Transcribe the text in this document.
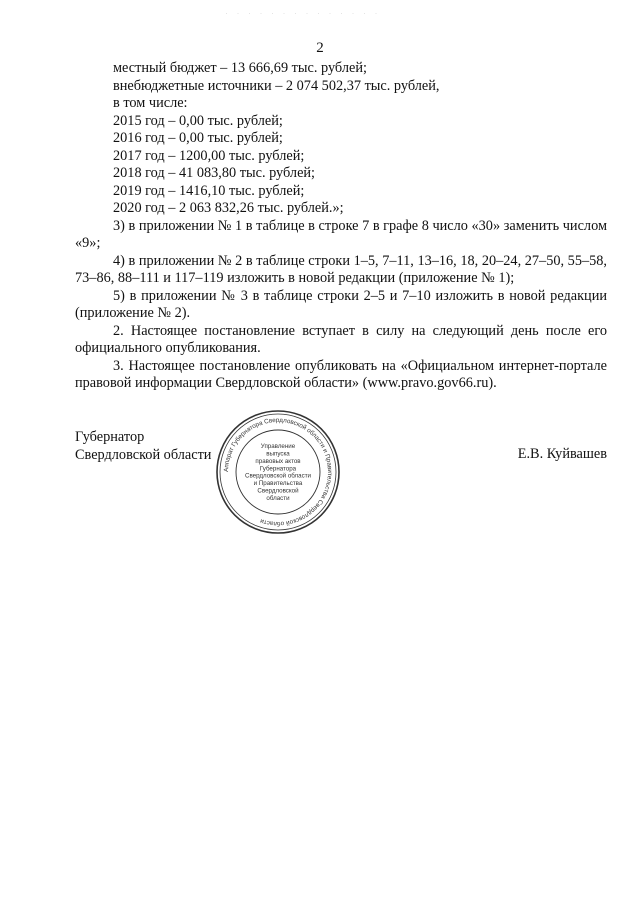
· · · · · · · · · · · · · ·
2

местный бюджет – 13 666,69 тыс. рублей;

внебюджетные источники – 2 074 502,37 тыс. рублей,

в том числе:

2015 год – 0,00 тыс. рублей;

2016 год – 0,00 тыс. рублей;

2017 год – 1200,00 тыс. рублей;

2018 год – 41 083,80 тыс. рублей;

2019 год – 1416,10 тыс. рублей;

2020 год – 2 063 832,26 тыс. рублей.»;

3) в приложении № 1 в таблице в строке 7 в графе 8 число «30» заменить числом «9»;

4) в приложении № 2 в таблице строки 1–5, 7–11, 13–16, 18, 20–24, 27–50, 55–58, 73–86, 88–111 и 117–119 изложить в новой редакции (приложение № 1);

5) в приложении № 3 в таблице строки 2–5 и 7–10 изложить в новой редакции (приложение № 2).

2. Настоящее постановление вступает в силу на следующий день после его официального опубликования.

3. Настоящее постановление опубликовать на «Официальном интернет-портале правовой информации Свердловской области» (www.pravo.gov66.ru).

Губернатор
Свердловской области
Аппарат Губернатора Свердловской области и Правительства Свердловской области
Управление
выпуска
правовых актов
Губернатора
Свердловской области
и Правительства
Свердловской
области
Е.В. Куйвашев
